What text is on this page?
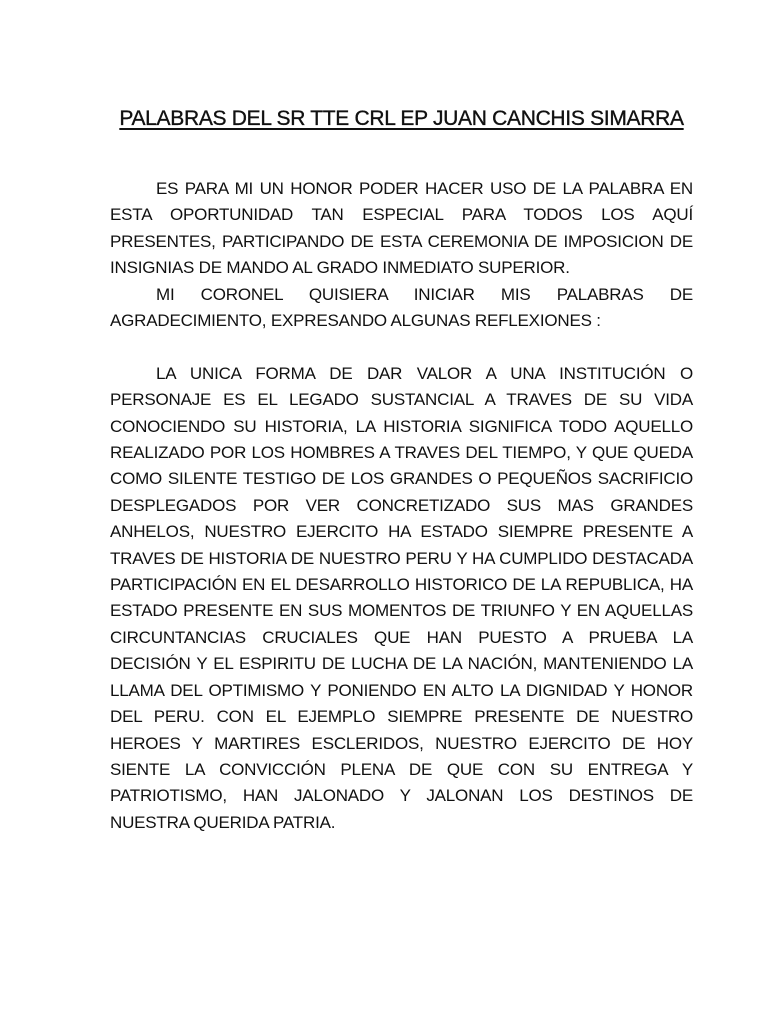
PALABRAS DEL SR TTE CRL EP JUAN CANCHIS SIMARRA

ES PARA MI UN HONOR PODER HACER USO DE LA PALABRA EN ESTA OPORTUNIDAD TAN ESPECIAL PARA TODOS LOS AQUÍ PRESENTES, PARTICIPANDO DE ESTA CEREMONIA DE IMPOSICION DE INSIGNIAS DE MANDO AL GRADO INMEDIATO SUPERIOR.

MI CORONEL QUISIERA INICIAR MIS PALABRAS DE AGRADECIMIENTO, EXPRESANDO ALGUNAS REFLEXIONES :

LA UNICA FORMA DE DAR VALOR A UNA INSTITUCIÓN O PERSONAJE ES EL LEGADO SUSTANCIAL A TRAVES DE SU VIDA CONOCIENDO SU HISTORIA, LA HISTORIA SIGNIFICA TODO AQUELLO REALIZADO POR LOS HOMBRES A TRAVES DEL TIEMPO, Y QUE QUEDA COMO SILENTE TESTIGO DE LOS GRANDES O PEQUEÑOS SACRIFICIO DESPLEGADOS POR VER CONCRETIZADO SUS MAS GRANDES ANHELOS, NUESTRO EJERCITO HA ESTADO SIEMPRE PRESENTE A TRAVES DE HISTORIA DE NUESTRO PERU Y HA CUMPLIDO DESTACADA PARTICIPACIÓN EN EL DESARROLLO HISTORICO DE LA REPUBLICA, HA ESTADO PRESENTE EN SUS MOMENTOS DE TRIUNFO Y EN AQUELLAS CIRCUNTANCIAS CRUCIALES QUE HAN PUESTO A PRUEBA LA DECISIÓN Y EL ESPIRITU DE LUCHA DE LA NACIÓN, MANTENIENDO LA LLAMA DEL OPTIMISMO Y PONIENDO EN ALTO LA DIGNIDAD Y HONOR DEL PERU. CON EL EJEMPLO SIEMPRE PRESENTE DE NUESTRO HEROES Y MARTIRES ESCLERIDOS, NUESTRO EJERCITO DE HOY SIENTE LA CONVICCIÓN PLENA DE QUE CON SU ENTREGA Y PATRIOTISMO, HAN JALONADO Y JALONAN LOS DESTINOS DE NUESTRA QUERIDA PATRIA.
